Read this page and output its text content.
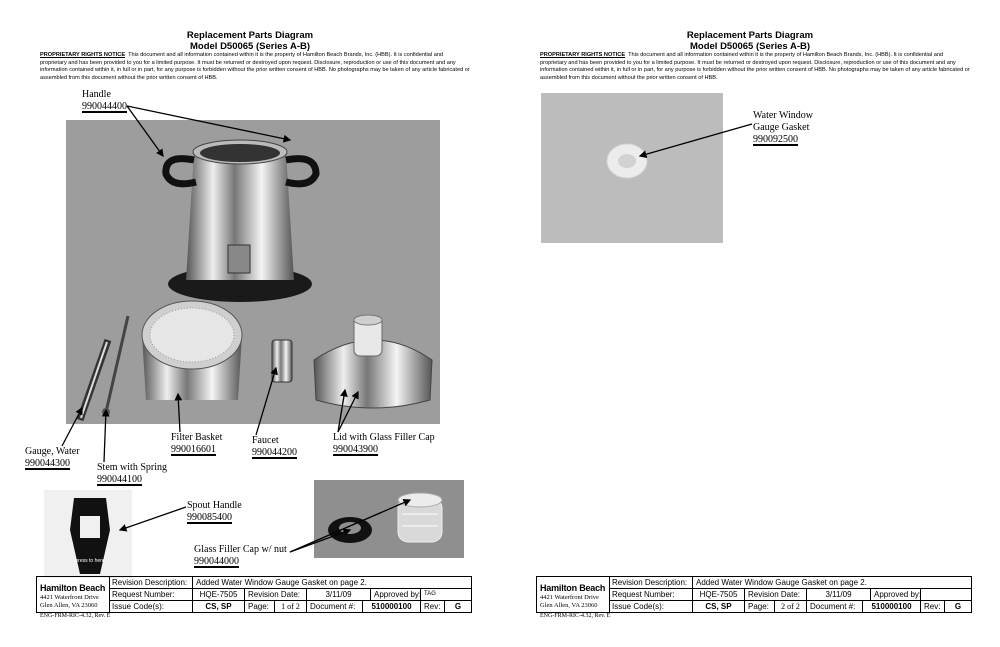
Replacement Parts Diagram
Model D50065 (Series A-B)
PROPRIETARY RIGHTS NOTICE This document and all information contained within it is the property of Hamilton Beach Brands, Inc. (HBB). It is confidential and proprietary and has been provided to you for a limited purpose. It must be returned or destroyed upon request. Disclosure, reproduction or use of this document and any information contained within it, in full or in part, for any purpose is forbidden without the prior written consent of HBB. No photographs may be taken of any article fabricated or assembled from this document without the prior written consent of HBB.
press to here
Handle
990044400
Gauge, Water
990044300	Stem with Spring
990044100
Filter Basket
990016601
Faucet
990044200
Lid with Glass Filler Cap
990043900
Spout Handle
990085400
Glass Filler Cap w/ nut
990044000
Hamilton Beach
4421 Waterfront Drive
Glen Allen, VA 23060
Revision Description:	Added Water Window Gauge Gasket on page 2.
Request Number:	HQE-7505	Revision Date:	3/11/09	Approved by: TAG
Issue Code(s):	CS, SP	Page:	1 of 2	Document #:	510000100	Rev:	G
ENG-FRM-RIC-4.32, Rev. E
Replacement Parts Diagram
Model D50065 (Series A-B)
PROPRIETARY RIGHTS NOTICE This document and all information contained within it is the property of Hamilton Beach Brands, Inc. (HBB). It is confidential and proprietary and has been provided to you for a limited purpose. It must be returned or destroyed upon request. Disclosure, reproduction or use of this document and any information contained within it, in full or in part, for any purpose is forbidden without the prior written consent of HBB. No photographs may be taken of any article fabricated or assembled from this document without the prior written consent of HBB.
Water Window
Gauge Gasket
990092500
Hamilton Beach
4421 Waterfront Drive
Glen Allen, VA 23060
Revision Description:	Added Water Window Gauge Gasket on page 2.
Request Number:	HQE-7505	Revision Date:	3/11/09	Approved by:
Issue Code(s):	CS, SP	Page:	2 of 2	Document #:	510000100	Rev:	G
ENG-FRM-RIC-4.32, Rev. E
